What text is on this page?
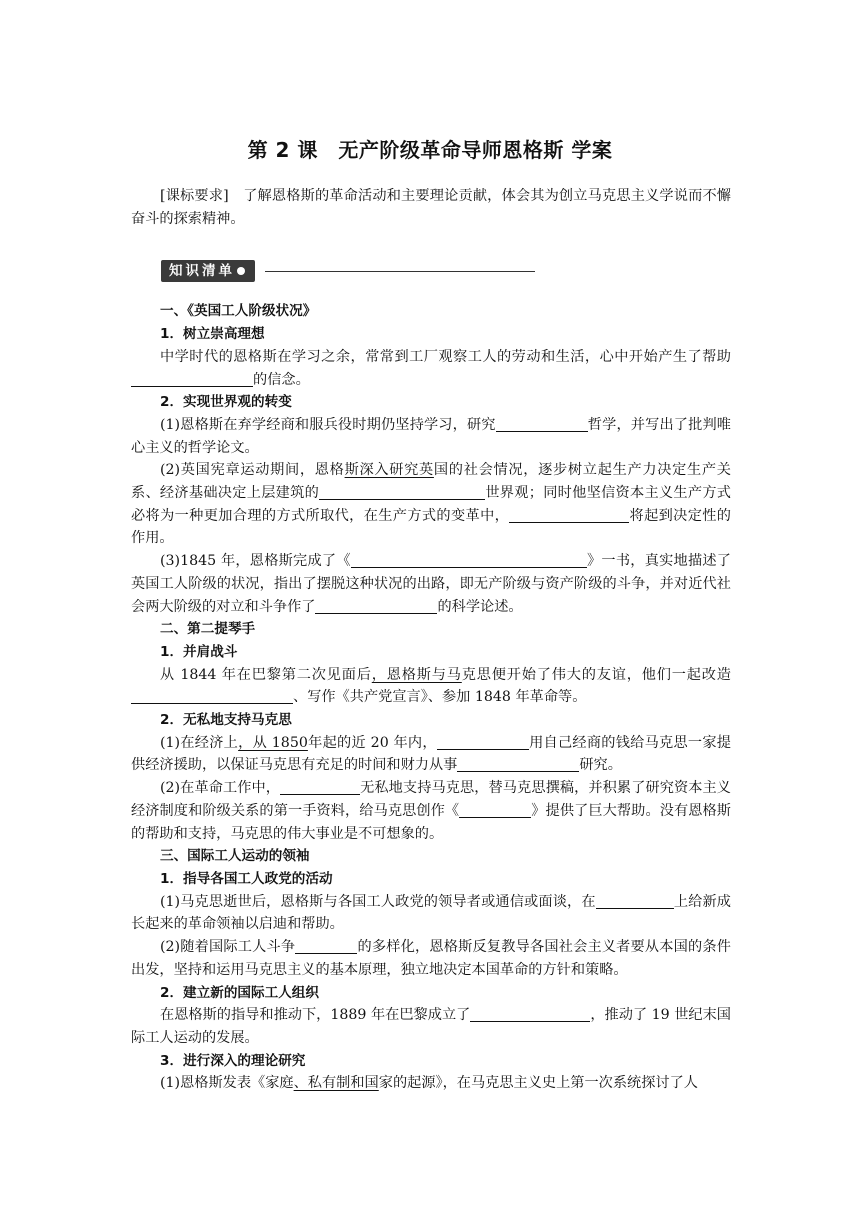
第 2 课　无产阶级革命导师恩格斯 学案

[课标要求]　 了解恩格斯的革命活动和主要理论贡献，体会其为创立马克思主义学说而不懈奋斗的探索精神。

知识清单

一、《英国工人阶级状况》

1．树立崇高理想

中学时代的恩格斯在学习之余，常常到工厂观察工人的劳动和生活，心中开始产生了帮助的信念。

2．实现世界观的转变

(1)恩格斯在弃学经商和服兵役时期仍坚持学习，研究	哲学，并写出了批判唯心主义的哲学论文。

(2)英国宪章运动期间，恩格斯深入研究英国的社会情况，逐步树立起生产力决定生产关系、经济基础决定上层建筑的	世界观；同时他坚信资本主义生产方式必将为一种更加合理的方式所取代，在生产方式的变革中，	将起到决定性的作用。

(3)1845 年，恩格斯完成了《	》一书，真实地描述了英国工人阶级的状况，指出了摆脱这种状况的出路，即无产阶级与资产阶级的斗争，并对近代社会两大阶级的对立和斗争作了	的科学论述。

二、第二提琴手

1．并肩战斗

从 1844 年在巴黎第二次见面后，恩格斯与马克思便开始了伟大的友谊，他们一起改造、写作《共产党宣言》、参加 1848 年革命等。

2．无私地支持马克思

(1)在经济上，从 1850年起的近 20 年内，	用自己经商的钱给马克思一家提供经济援助，以保证马克思有充足的时间和财力从事	研究。

(2)在革命工作中，	无私地支持马克思，替马克思撰稿，并积累了研究资本主义经济制度和阶级关系的第一手资料，给马克思创作《	》提供了巨大帮助。没有恩格斯的帮助和支持，马克思的伟大事业是不可想象的。

三、国际工人运动的领袖

1．指导各国工人政党的活动

(1)马克思逝世后，恩格斯与各国工人政党的领导者或通信或面谈，在	上给新成长起来的革命领袖以启迪和帮助。

(2)随着国际工人斗争	的多样化，恩格斯反复教导各国社会主义者要从本国的条件出发，坚持和运用马克思主义的基本原理，独立地决定本国革命的方针和策略。

2．建立新的国际工人组织

在恩格斯的指导和推动下，1889 年在巴黎成立了	，推动了 19 世纪末国际工人运动的发展。

3．进行深入的理论研究

(1)恩格斯发表《家庭、私有制和国家的起源》，在马克思主义史上第一次系统探讨了人
